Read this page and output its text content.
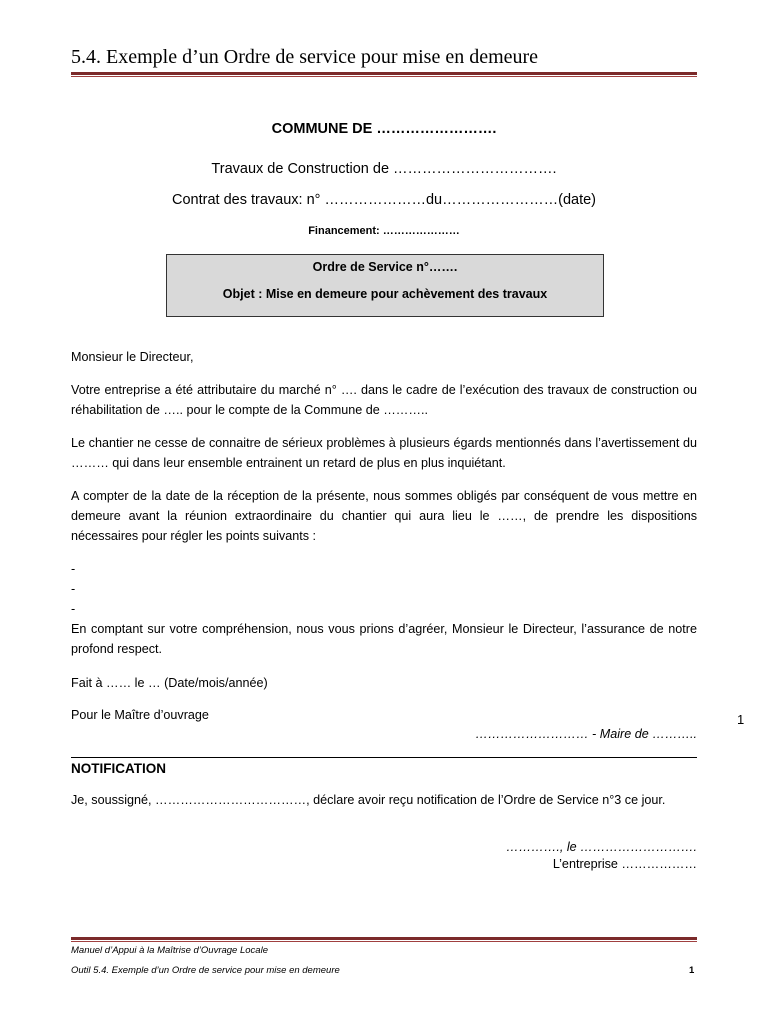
5.4. Exemple d’un Ordre de service pour mise en demeure
COMMUNE DE …………………….
Travaux de Construction de …………………………….
Contrat des travaux: n° …………………du……………………(date)
Financement: …………………
Ordre de Service n°…….
Objet : Mise en demeure pour achèvement des travaux
Monsieur le Directeur,
Votre entreprise a été attributaire du marché n° …. dans le cadre de l’exécution des travaux de construction ou réhabilitation de ….. pour le compte de la Commune de ………..
Le chantier ne cesse de connaitre de sérieux problèmes à plusieurs égards mentionnés dans l’avertissement du ……… qui dans leur ensemble entrainent un retard de plus en plus inquiétant.
A compter de la date de la réception de la présente, nous sommes obligés par conséquent de vous mettre en demeure avant la réunion extraordinaire du chantier qui aura lieu le ……, de prendre les dispositions nécessaires pour régler les points suivants :
-
-
-
En comptant sur votre compréhension, nous vous prions d’agréer, Monsieur le Directeur, l’assurance de notre profond respect.
Fait à …… le … (Date/mois/année)
Pour le Maître d’ouvrage
……………………… - Maire de ………..
1
NOTIFICATION
Je, soussigné, ………………………………, déclare avoir reçu notification de l’Ordre de Service n°3 ce jour.
…………., le ……………………….
L’entreprise ………………
Manuel d’Appui à la Maîtrise d’Ouvrage Locale
Outil 5.4. Exemple d’un Ordre de service pour mise en demeure	1
